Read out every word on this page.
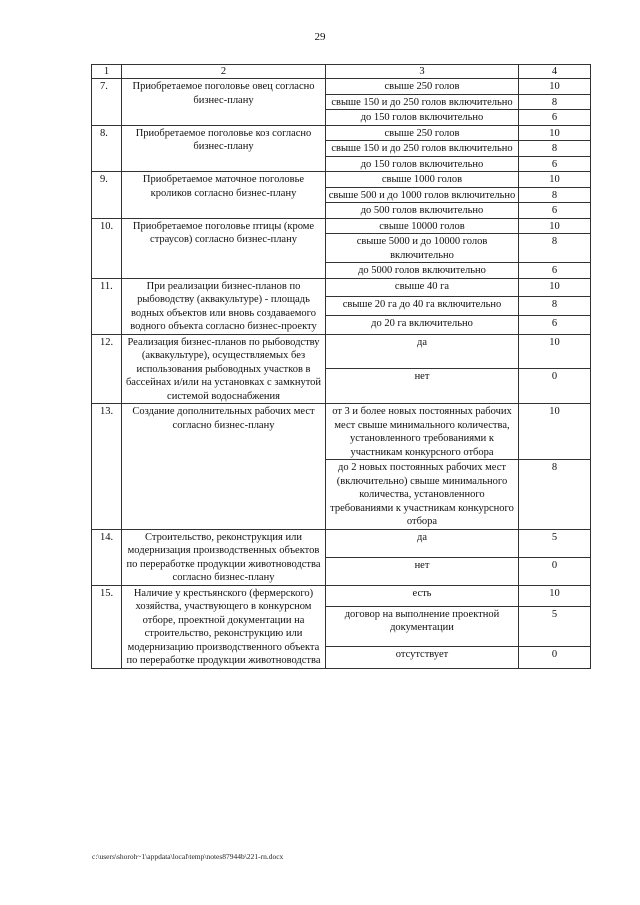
29
1	2	3	4
7.	Приобретаемое поголовье овец согласно бизнес-плану	свыше 250 голов	10
		свыше 150 и до 250 голов включительно	8
		до 150 голов включительно	6
8.	Приобретаемое поголовье коз согласно бизнес-плану	свыше 250 голов	10
		свыше 150 и до 250 голов включительно	8
		до 150 голов включительно	6
9.	Приобретаемое маточное поголовье кроликов согласно бизнес-плану	свыше 1000 голов	10
		свыше 500 и до 1000 голов включительно	8
		до 500 голов включительно	6
10.	Приобретаемое поголовье птицы (кроме страусов) согласно бизнес-плану	свыше 10000 голов	10
		свыше 5000 и до 10000 голов включительно	8
		до 5000 голов включительно	6
11.	При реализации бизнес-планов по рыбоводству (аквакультуре) - площадь водных объектов или вновь создаваемого водного объекта согласно бизнес-проекту	свыше 40 га	10
		свыше 20 га до 40 га включительно	8
		до 20 га включительно	6
12.	Реализация бизнес-планов по рыбоводству (аквакультуре), осуществляемых без использования рыбоводных участков в бассейнах и/или на установках с замкнутой системой водоснабжения	да	10
		нет	0
13.	Создание дополнительных рабочих мест согласно бизнес-плану	от 3 и более новых постоянных рабочих мест свыше минимального количества, установленного требованиями к участникам конкурсного отбора	10
		до 2 новых постоянных рабочих мест (включительно) свыше минимального количества, установленного требованиями к участникам конкурсного отбора	8
14.	Строительство, реконструкция или модернизация производственных объектов по переработке продукции животноводства согласно бизнес-плану	да	5
		нет	0
15.	Наличие у крестьянского (фермерского) хозяйства, участвующего в конкурсном отборе, проектной документации на строительство, реконструкцию или модернизацию производственного объекта по переработке продукции животноводства	есть	10
		договор на выполнение проектной документации	5
		отсутствует	0
c:\users\shoroh~1\appdata\local\temp\notes87944b\221-rn.docx
